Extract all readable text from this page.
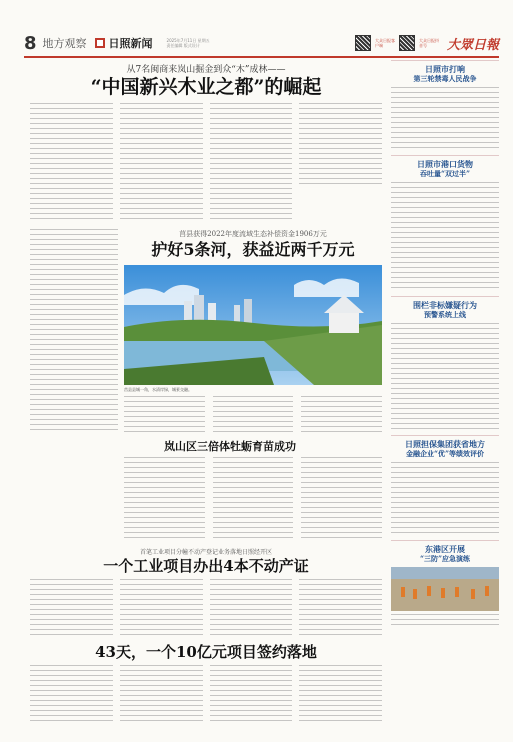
8 地方观察 日照新闻	2025年7月11日 星期五
责任编辑 版式设计
大众日报客户端
大众日报抖音号	大眾日報
从7名闽商来岚山掘金到众“木”成林——
“中国新兴木业之都”的崛起
莒县获得2022年度流域生态补偿资金1906万元
护好5条河，获益近两千万元
莒县县城一角，水清岸绿，城景交融。
岚山区三倍体牡蛎育苗成功
首笔工业项目分幢不动产登记业务落地日照经开区
一个工业项目办出4本不动产证
43天，一个10亿元项目签约落地
日照市打响
第三轮禁毒人民战争
日照市港口货物
吞吐量“双过半”
围栏非标嫌疑行为
预警系统上线
日照担保集团获省地方
金融企业“优”等绩效评价
东港区开展
“三防”应急演练
